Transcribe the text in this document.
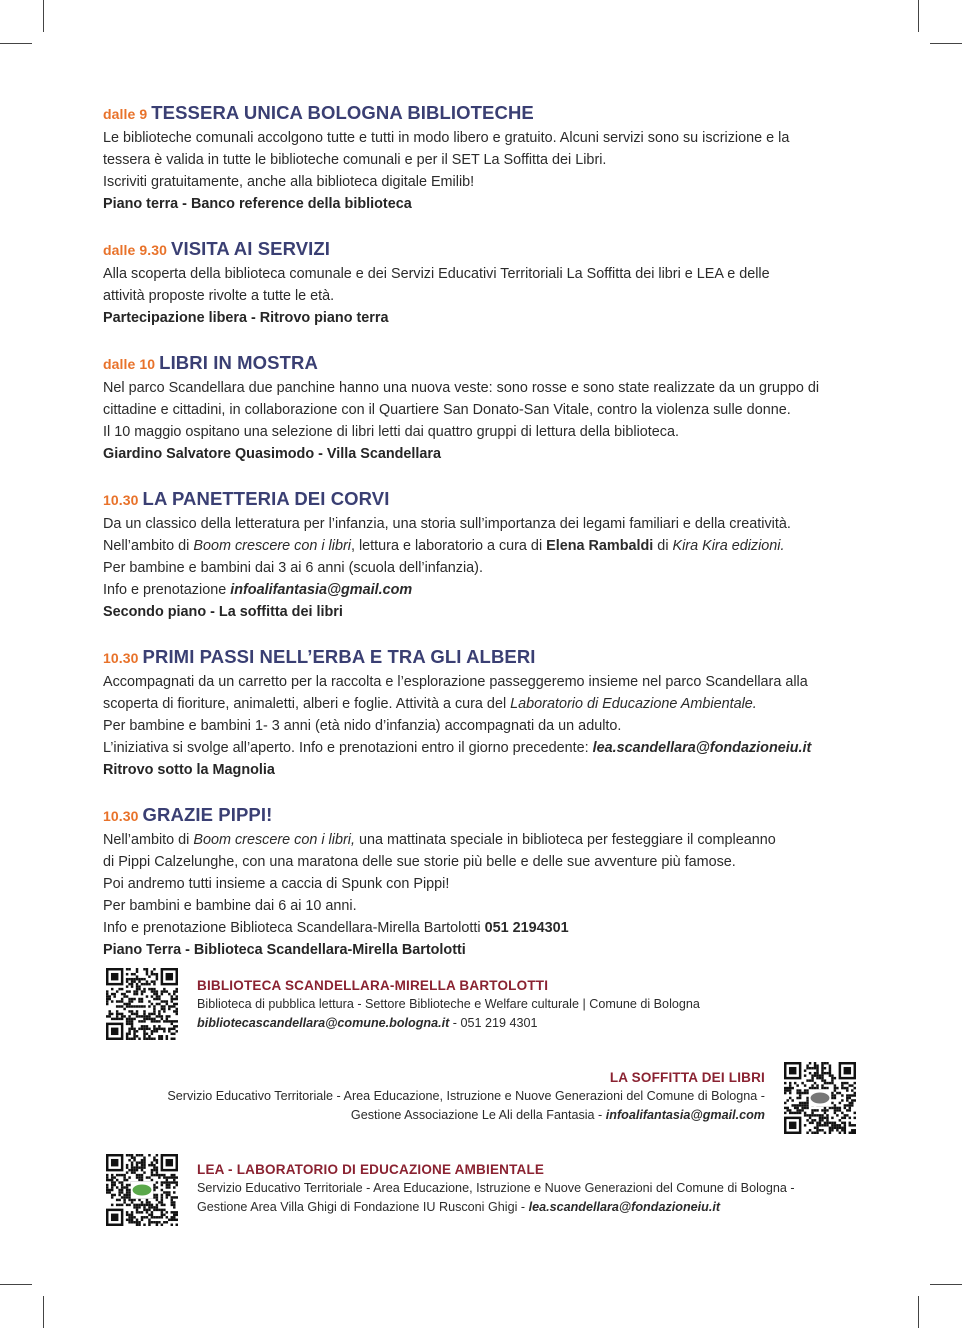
dalle 9 TESSERA UNICA BOLOGNA BIBLIOTECHE
Le biblioteche comunali accolgono tutte e tutti in modo libero e gratuito. Alcuni servizi sono su iscrizione e la
tessera è valida in tutte le biblioteche comunali e per il SET La Soffitta dei Libri.
Iscriviti gratuitamente, anche alla biblioteca digitale Emilib!
Piano terra - Banco reference della biblioteca
dalle 9.30 VISITA AI SERVIZI
Alla scoperta della biblioteca comunale e dei Servizi Educativi Territoriali La Soffitta dei libri e LEA e delle
attività proposte rivolte a tutte le età.
Partecipazione libera - Ritrovo piano terra
dalle 10 LIBRI IN MOSTRA
Nel parco Scandellara due panchine hanno una nuova veste: sono rosse e sono state realizzate da un gruppo di
cittadine e cittadini, in collaborazione con il Quartiere San Donato-San Vitale, contro la violenza sulle donne.
Il 10 maggio ospitano una selezione di libri letti dai quattro gruppi di lettura della biblioteca.
Giardino Salvatore Quasimodo - Villa Scandellara
10.30 LA PANETTERIA DEI CORVI
Da un classico della letteratura per l’infanzia, una storia sull’importanza dei legami familiari e della creatività.
Nell’ambito di Boom crescere con i libri, lettura e laboratorio a cura di Elena Rambaldi di Kira Kira edizioni.
Per bambine e bambini dai 3 ai 6 anni (scuola dell’infanzia).
Info e prenotazione infoalifantasia@gmail.com
Secondo piano - La soffitta dei libri
10.30 PRIMI PASSI NELL’ERBA E TRA GLI ALBERI
Accompagnati da un carretto per la raccolta e l’esplorazione passeggeremo insieme nel parco Scandellara alla
scoperta di fioriture, animaletti, alberi e foglie. Attività a cura del Laboratorio di Educazione Ambientale.
Per bambine e bambini 1- 3 anni (età nido d’infanzia) accompagnati da un adulto.
L’iniziativa si svolge all’aperto. Info e prenotazioni entro il giorno precedente: lea.scandellara@fondazioneiu.it
Ritrovo sotto la Magnolia
10.30 GRAZIE PIPPI!
Nell’ambito di Boom crescere con i libri, una mattinata speciale in biblioteca per festeggiare il compleanno
di Pippi Calzelunghe, con una maratona delle sue storie più belle e delle sue avventure più famose.
Poi andremo tutti insieme a caccia di Spunk con Pippi!
Per bambini e bambine dai 6 ai 10 anni.
Info e prenotazione Biblioteca Scandellara-Mirella Bartolotti 051 2194301
Piano Terra - Biblioteca Scandellara-Mirella Bartolotti
BIBLIOTECA SCANDELLARA-MIRELLA BARTOLOTTI
Biblioteca di pubblica lettura - Settore Biblioteche e Welfare culturale | Comune di Bologna
bibliotecascandellara@comune.bologna.it - 051 219 4301
LA SOFFITTA DEI LIBRI
Servizio Educativo Territoriale - Area Educazione, Istruzione e Nuove Generazioni del Comune di Bologna -
Gestione Associazione Le Ali della Fantasia - infoalifantasia@gmail.com
LEA - LABORATORIO DI EDUCAZIONE AMBIENTALE
Servizio Educativo Territoriale - Area Educazione, Istruzione e Nuove Generazioni del Comune di Bologna -
Gestione Area Villa Ghigi di Fondazione IU Rusconi Ghigi - lea.scandellara@fondazioneiu.it
